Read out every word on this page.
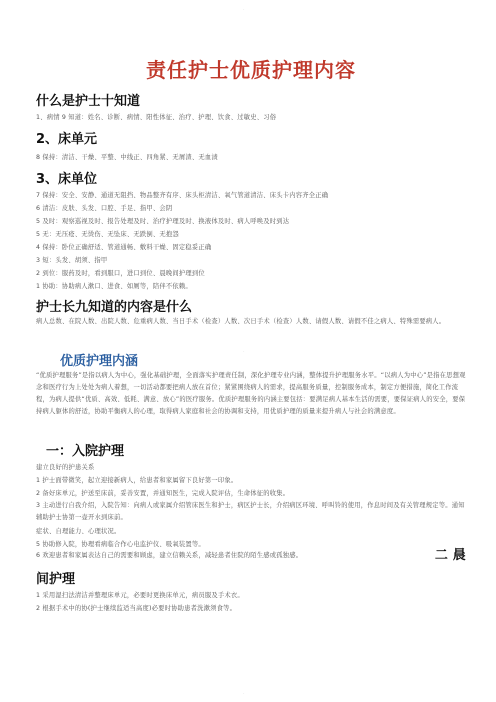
.
责任护士优质护理内容
什么是护士十知道
1、病情 9 知道：姓名、诊断、病情、阳性体征、治疗、护理、饮食、过敏史、习俗
2、床单元
8 保持：清洁、干燥、平整、中线正、四角紧、无屑渣、无血渍
3、床单位
7 保持：安全、安静、通道无阻挡、物品整齐有序、床头柜清洁、氧气管道清洁、床头卡内容齐全正确
6 清洁：皮肤、头发、口腔、手足、指甲、会阴
5 及时：观察巡视及时、报告处理及时、治疗护理及时、换液体及时、病人呼唤及时到达
5 无：无压疮、无烫伤、无坠床、无跌倒、无抱怨
4 保持：卧位正确舒适、管道通畅、敷料干燥、固定稳妥正确
3 短：头发、胡须、指甲
2 到位：服药及时，看到服口，进口到位、晨晚间护理到位
1 协助：协助病人漱口、进食、如厕等，陪伴不依赖。
护士长九知道的内容是什么
病人总数、在院人数、出院人数、危重病人数、当日手术（检查）人数、次日手术（检查）人数、请假人数、请假不佳之病人、特殊需要病人。
优质护理内涵
“优质护理服务”是指以病人为中心，强化基础护理，全面落实护理责任制，深化护理专业内涵，整体提升护理服务水平。“以病人为中心”是指在思想观念和医疗行为上处处为病人着想，一切活动都要把病人放在首位；紧紧围绕病人的需求，提高服务质量，控制服务成本，制定方便措施，简化工作流程，为病人提供“优质、高效、低耗、满意、放心”的医疗服务。优质护理服务的内涵主要包括：要满足病人基本生活的需要，要保证病人的安全，要保持病人躯体的舒适，协助平衡病人的心理，取得病人家庭和社会的协调和支持，用优质护理的质量来提升病人与社会的满意度。
一：入院护理
建立良好的护患关系
1 护士面带微笑，起立迎接新病人，给患者和家属留下良好第一印象。
2 备好床单元，护送至床前，妥善安置，并通知医生，完成入院评估，生命体征的收集。
3 主动进行自我介绍，入院告知：向病人或家属介绍管床医生和护士，病区护士长，介绍病区环境、呼叫铃的使用，作息时间及有关管理规定等。通知辅助护士协第一壶开水到床前。
症状、自理能力、心理状况。
5 协助修入院，协理看病临合作心电监护仪、吸氧装置等。
6 欢迎患者和家属表达自己的需要和顾虑，建立信赖关系，减轻患者住院的陌生感或孤独感。	二 晨
间护理
1 采用湿扫法清洁并整理床单元，必要时更换床单元，病员服及手术衣。
2 根据手术中的协(护士继续监适当高度)必要时协助患者洗漱须食等。
.
.
